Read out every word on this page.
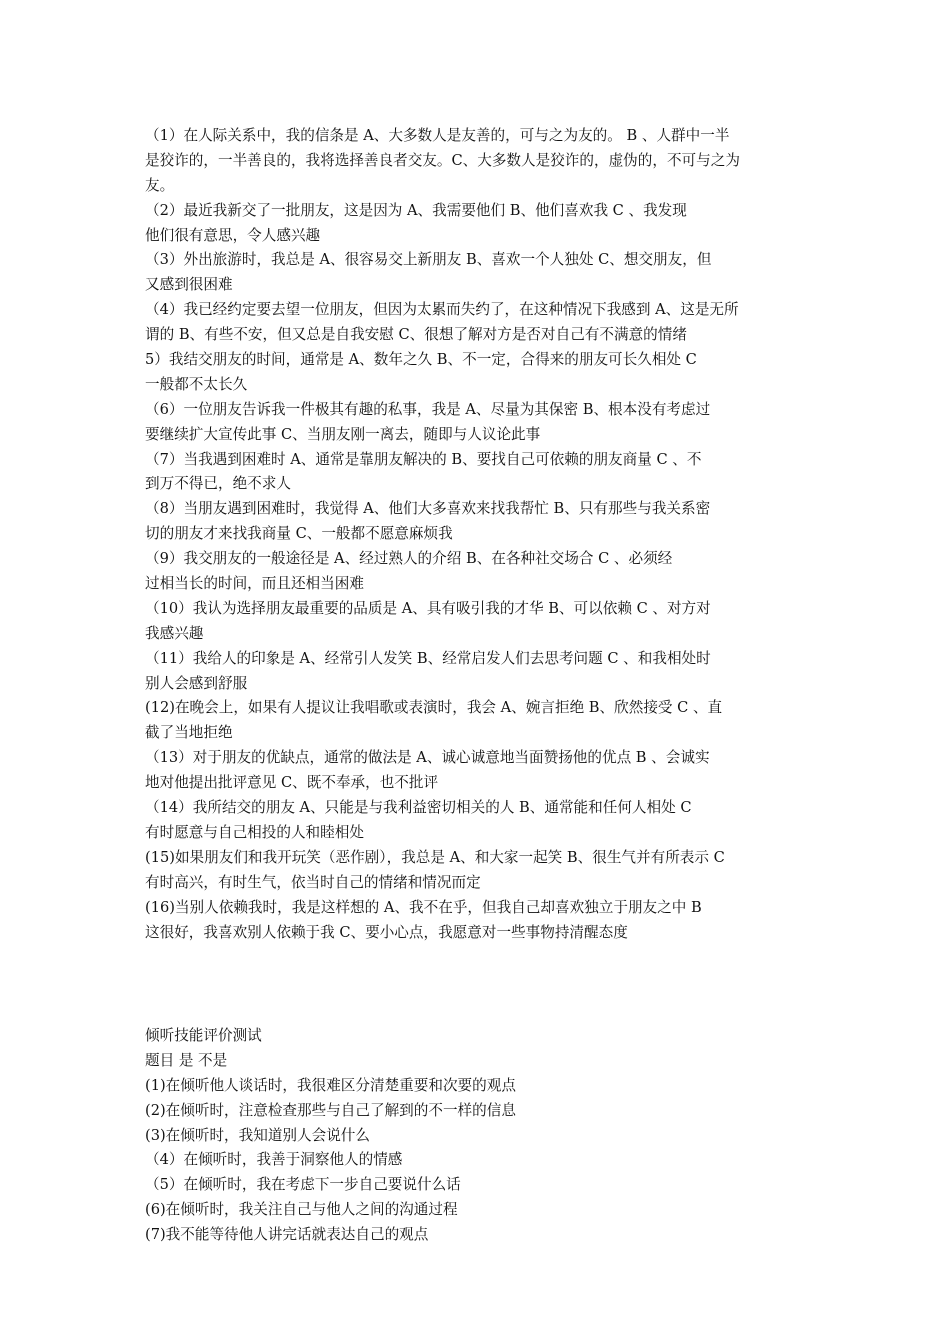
（1）在人际关系中，我的信条是 A、大多数人是友善的，可与之为友的。 B 、人群中一半
是狡诈的，一半善良的，我将选择善良者交友。C、大多数人是狡诈的，虚伪的，不可与之为
友。
（2）最近我新交了一批朋友，这是因为 A、我需要他们 B、他们喜欢我 C 、我发现
他们很有意思，令人感兴趣
（3）外出旅游时，我总是 A、很容易交上新朋友 B、喜欢一个人独处 C、想交朋友，但
又感到很困难
（4）我已经约定要去望一位朋友，但因为太累而失约了，在这种情况下我感到 A、这是无所
谓的 B、有些不安，但又总是自我安慰 C、很想了解对方是否对自己有不满意的情绪
5）我结交朋友的时间，通常是 A、数年之久 B、不一定，合得来的朋友可长久相处 C
一般都不太长久
（6）一位朋友告诉我一件极其有趣的私事，我是 A、尽量为其保密 B、根本没有考虑过
要继续扩大宣传此事 C、当朋友刚一离去，随即与人议论此事
（7）当我遇到困难时 A、通常是靠朋友解决的 B、要找自己可依赖的朋友商量 C 、不
到万不得已，绝不求人
（8）当朋友遇到困难时，我觉得 A、他们大多喜欢来找我帮忙 B、只有那些与我关系密
切的朋友才来找我商量 C、一般都不愿意麻烦我
（9）我交朋友的一般途径是 A、经过熟人的介绍 B、在各种社交场合 C 、必须经
过相当长的时间，而且还相当困难
（10）我认为选择朋友最重要的品质是 A、具有吸引我的才华 B、可以依赖 C 、对方对
我感兴趣
（11）我给人的印象是 A、经常引人发笑 B、经常启发人们去思考问题 C 、和我相处时
别人会感到舒服
(12)在晚会上，如果有人提议让我唱歌或表演时，我会 A、婉言拒绝 B、欣然接受 C 、直
截了当地拒绝
（13）对于朋友的优缺点，通常的做法是 A、诚心诚意地当面赞扬他的优点 B 、会诚实
地对他提出批评意见 C、既不奉承，也不批评
（14）我所结交的朋友 A、只能是与我利益密切相关的人 B、通常能和任何人相处 C
有时愿意与自己相投的人和睦相处
(15)如果朋友们和我开玩笑（恶作剧），我总是 A、和大家一起笑 B、很生气并有所表示 C
有时高兴，有时生气，依当时自己的情绪和情况而定
(16)当别人依赖我时，我是这样想的 A、我不在乎，但我自己却喜欢独立于朋友之中 B
这很好，我喜欢别人依赖于我 C、要小心点，我愿意对一些事物持清醒态度
倾听技能评价测试
题目 是 不是
(1)在倾听他人谈话时，我很难区分清楚重要和次要的观点
(2)在倾听时，注意检查那些与自己了解到的不一样的信息
(3)在倾听时，我知道别人会说什么
（4）在倾听时，我善于洞察他人的情感
（5）在倾听时，我在考虑下一步自己要说什么话
(6)在倾听时，我关注自己与他人之间的沟通过程
(7)我不能等待他人讲完话就表达自己的观点
